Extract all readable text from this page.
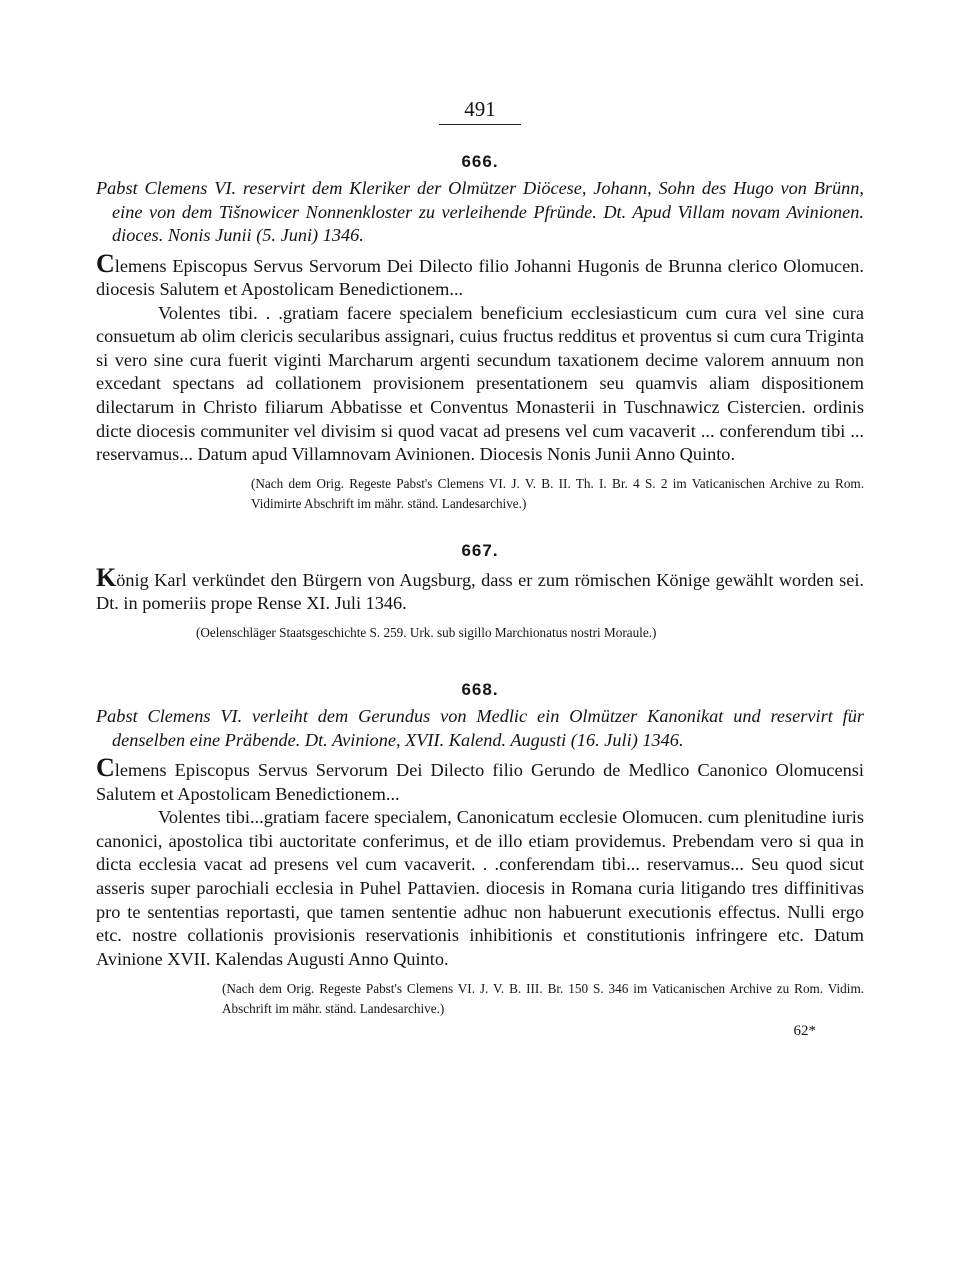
491

666.

Pabst Clemens VI. reservirt dem Kleriker der Olmützer Diöcese, Johann, Sohn des Hugo von Brünn, eine von dem Tišnowicer Nonnenkloster zu verleihende Pfründe. Dt. Apud Villam novam Avinionen. dioces. Nonis Junii (5. Juni) 1346.

Clemens Episcopus Servus Servorum Dei Dilecto filio Johanni Hugonis de Brunna clerico Olomucen. diocesis Salutem et Apostolicam Benedictionem...
Volentes tibi. . .gratiam facere specialem beneficium ecclesiasticum cum cura vel sine cura consuetum ab olim clericis secularibus assignari, cuius fructus redditus et proventus si cum cura Triginta si vero sine cura fuerit viginti Marcharum argenti secundum taxationem decime valorem annuum non excedant spectans ad collationem provisionem presentationem seu quamvis aliam dispositionem dilectarum in Christo filiarum Abbatisse et Conventus Monasterii in Tuschnawicz Cistercien. ordinis dicte diocesis communiter vel divisim si quod vacat ad presens vel cum vacaverit ... conferendum tibi ... reservamus... Datum apud Villamnovam Avinionen. Diocesis Nonis Junii Anno Quinto.

(Nach dem Orig. Regeste Pabst's Clemens VI. J. V. B. II. Th. I. Br. 4 S. 2 im Vaticanischen Archive zu Rom. Vidimirte Abschrift im mähr. ständ. Landesarchive.)

667.

König Karl verkündet den Bürgern von Augsburg, dass er zum römischen Könige gewählt worden sei. Dt. in pomeriis prope Rense XI. Juli 1346.

(Oelenschläger Staatsgeschichte S. 259. Urk. sub sigillo Marchionatus nostri Moraule.)

668.

Pabst Clemens VI. verleiht dem Gerundus von Medlic ein Olmützer Kanonikat und reservirt für denselben eine Präbende. Dt. Avinione, XVII. Kalend. Augusti (16. Juli) 1346.

Clemens Episcopus Servus Servorum Dei Dilecto filio Gerundo de Medlico Canonico Olomucensi Salutem et Apostolicam Benedictionem...
Volentes tibi...gratiam facere specialem, Canonicatum ecclesie Olomucen. cum plenitudine iuris canonici, apostolica tibi auctoritate conferimus, et de illo etiam providemus. Prebendam vero si qua in dicta ecclesia vacat ad presens vel cum vacaverit. . .conferendam tibi... reservamus... Seu quod sicut asseris super parochiali ecclesia in Puhel Pattavien. diocesis in Romana curia litigando tres diffinitivas pro te sententias reportasti, que tamen sententie adhuc non habuerunt executionis effectus. Nulli ergo etc. nostre collationis provisionis reservationis inhibitionis et constitutionis infringere etc. Datum Avinione XVII. Kalendas Augusti Anno Quinto.

(Nach dem Orig. Regeste Pabst's Clemens VI. J. V. B. III. Br. 150 S. 346 im Vaticanischen Archive zu Rom. Vidim. Abschrift im mähr. ständ. Landesarchive.)

62*
